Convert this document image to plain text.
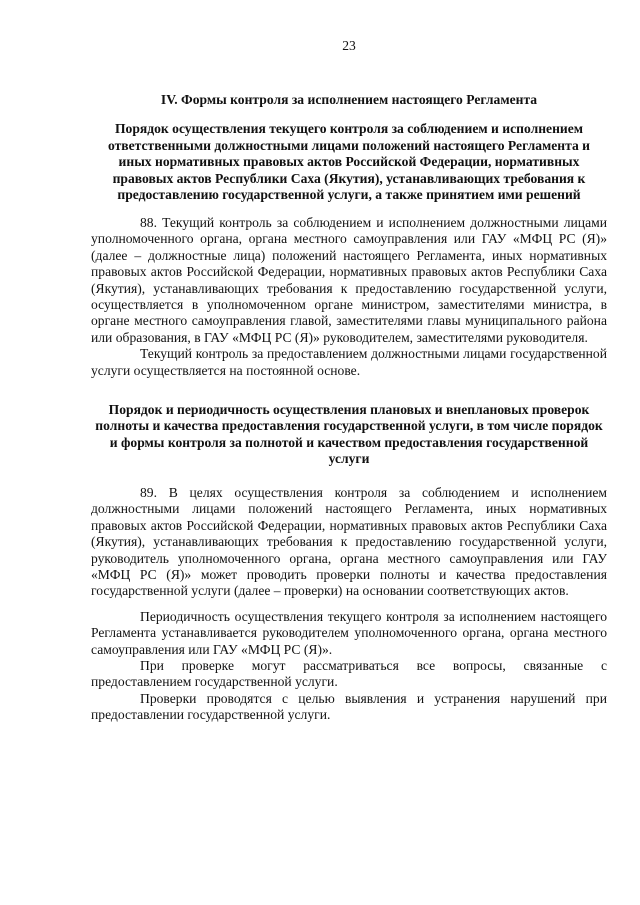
23
IV. Формы контроля за исполнением настоящего Регламента
Порядок осуществления текущего контроля за соблюдением и исполнением ответственными должностными лицами положений настоящего Регламента и иных нормативных правовых актов Российской Федерации, нормативных правовых актов Республики Саха (Якутия), устанавливающих требования к предоставлению государственной услуги, а также принятием ими решений

88. Текущий контроль за соблюдением и исполнением должностными лицами уполномоченного органа, органа местного самоуправления или ГАУ «МФЦ РС (Я)» (далее – должностные лица) положений настоящего Регламента, иных нормативных правовых актов Российской Федерации, нормативных правовых актов Республики Саха (Якутия), устанавливающих требования к предоставлению государственной услуги, осуществляется в уполномоченном органе министром, заместителями министра, в органе местного самоуправления главой, заместителями главы муниципального района или образования, в ГАУ «МФЦ РС (Я)» руководителем, заместителями руководителя.

Текущий контроль за предоставлением должностными лицами государственной услуги осуществляется на постоянной основе.

Порядок и периодичность осуществления плановых и внеплановых проверок полноты и качества предоставления государственной услуги, в том числе порядок и формы контроля за полнотой и качеством предоставления государственной услуги

89. В целях осуществления контроля за соблюдением и исполнением должностными лицами положений настоящего Регламента, иных нормативных правовых актов Российской Федерации, нормативных правовых актов Республики Саха (Якутия), устанавливающих требования к предоставлению государственной услуги, руководитель уполномоченного органа, органа местного самоуправления или ГАУ «МФЦ РС (Я)» может проводить проверки полноты и качества предоставления государственной услуги (далее – проверки) на основании соответствующих актов.

Периодичность осуществления текущего контроля за исполнением настоящего Регламента устанавливается руководителем уполномоченного органа, органа местного самоуправления или ГАУ «МФЦ РС (Я)».

При проверке могут рассматриваться все вопросы, связанные с предоставлением государственной услуги.

Проверки проводятся с целью выявления и устранения нарушений при предоставлении государственной услуги.
